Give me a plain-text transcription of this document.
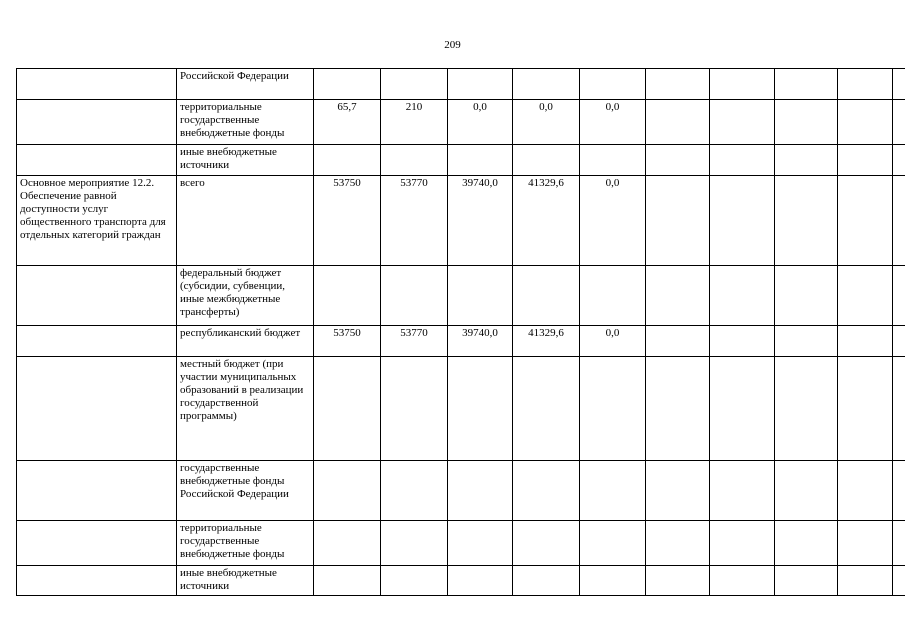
209
	Российской Федерации										
	территориальные государственные внебюджетные фонды	65,7	210	0,0	0,0	0,0					
	иные внебюджетные источники										
Основное мероприятие 12.2. Обеспечение равной доступности услуг общественного транспорта для отдельных категорий граждан	всего	53750	53770	39740,0	41329,6	0,0					
	федеральный бюджет (субсидии, субвенции, иные межбюджетные трансферты)										
	республиканский бюджет	53750	53770	39740,0	41329,6	0,0					
	местный бюджет (при участии муниципальных образований в реализации государственной программы)										
	государственные внебюджетные фонды Российской Федерации										
	территориальные государственные внебюджетные фонды										
	иные внебюджетные источники										
